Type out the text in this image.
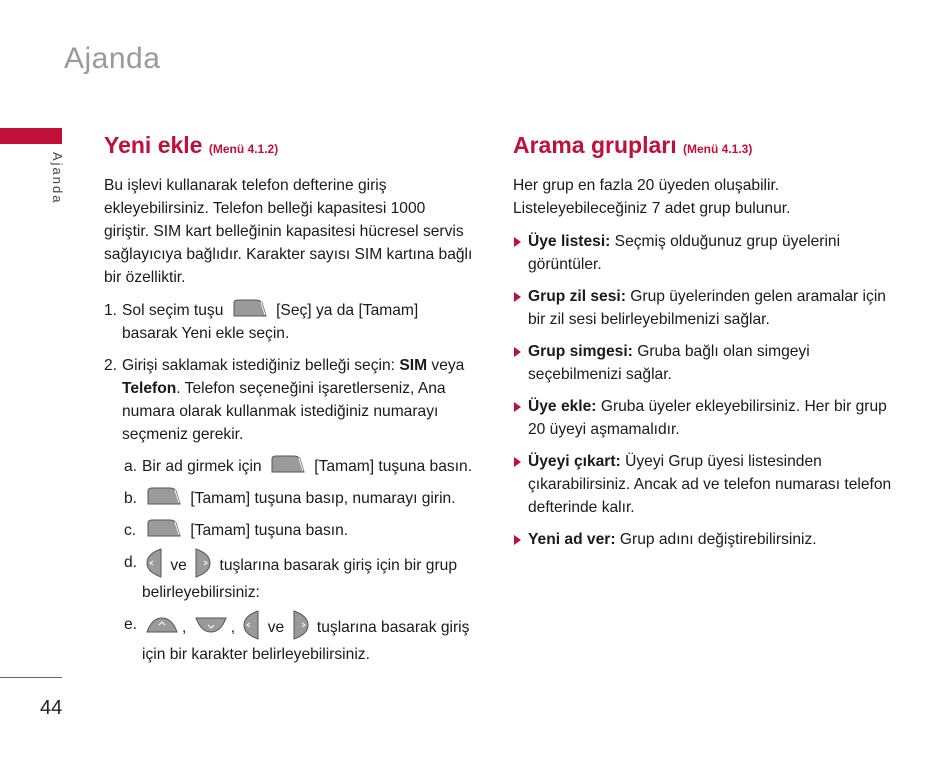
Ajanda
Ajanda
44
Yeni ekle (Menü 4.1.2)

Bu işlevi kullanarak telefon defterine giriş ekleyebilirsiniz. Telefon belleği kapasitesi 1000 giriştir. SIM kart belleğinin kapasitesi hücresel servis sağlayıcıya bağlıdır. Karakter sayısı SIM kartına bağlı bir özelliktir.

1. Sol seçim tuşu	[Seç] ya da [Tamam] basarak Yeni ekle seçin.
2. Girişi saklamak istediğiniz belleği seçin: SIM veya Telefon. Telefon seçeneğini işaretlerseniz, Ana numara olarak kullanmak istediğiniz numarayı seçmeniz gerekir.
a. Bir ad girmek için	[Tamam] tuşuna basın.
b.	[Tamam] tuşuna basıp, numarayı girin.
c.	[Tamam] tuşuna basın.
d. ve tuşlarına basarak giriş için bir grup belirleyebilirsiniz:
e.	,	, ve tuşlarına basarak giriş için bir karakter belirleyebilirsiniz.
Arama grupları (Menü 4.1.3)

Her grup en fazla 20 üyeden oluşabilir. Listeleyebileceğiniz 7 adet grup bulunur.

Üye listesi: Seçmiş olduğunuz grup üyelerini görüntüler.
Grup zil sesi: Grup üyelerinden gelen aramalar için bir zil sesi belirleyebilmenizi sağlar.
Grup simgesi: Gruba bağlı olan simgeyi seçebilmenizi sağlar.
Üye ekle: Gruba üyeler ekleyebilirsiniz. Her bir grup 20 üyeyi aşmamalıdır.
Üyeyi çıkart: Üyeyi Grup üyesi listesinden çıkarabilirsiniz. Ancak ad ve telefon numarası telefon defterinde kalır.
Yeni ad ver: Grup adını değiştirebilirsiniz.
